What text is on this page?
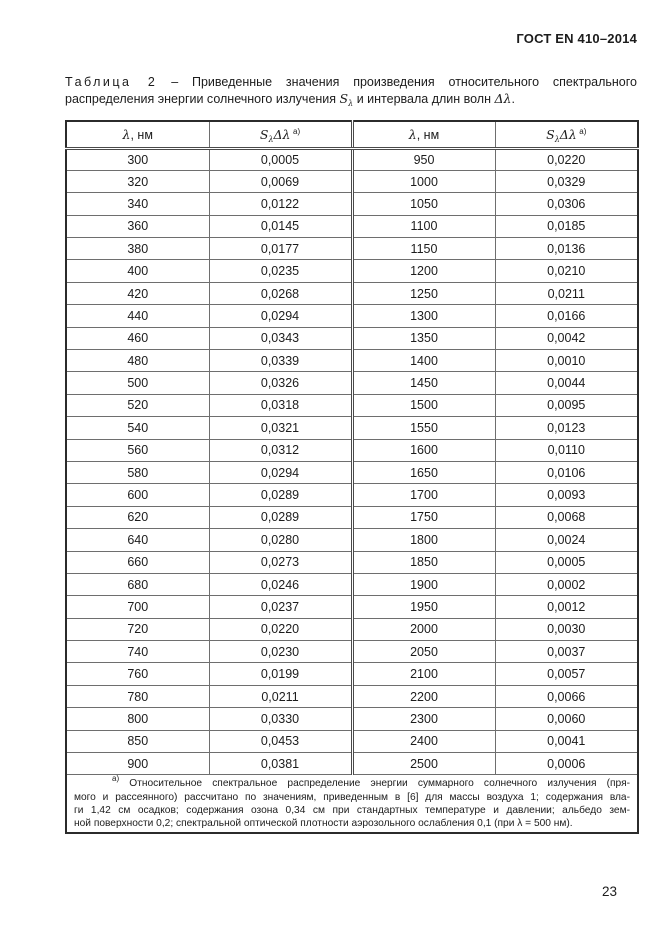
ГОСТ EN 410–2014
Таблица 2 – Приведенные значения произведения относительного спектрального
распределения энергии солнечного излучения $S_\lambda$ и интервала длин волн Δλ.
λ, нм	$S_\lambda\Delta\lambda$  $^{а)}$	λ, нм	$S_\lambda\Delta\lambda$  $^{а)}$
300	0,0005	950	0,0220
320	0,0069	1000	0,0329
340	0,0122	1050	0,0306
360	0,0145	1100	0,0185
380	0,0177	1150	0,0136
400	0,0235	1200	0,0210
420	0,0268	1250	0,0211
440	0,0294	1300	0,0166
460	0,0343	1350	0,0042
480	0,0339	1400	0,0010
500	0,0326	1450	0,0044
520	0,0318	1500	0,0095
540	0,0321	1550	0,0123
560	0,0312	1600	0,0110
580	0,0294	1650	0,0106
600	0,0289	1700	0,0093
620	0,0289	1750	0,0068
640	0,0280	1800	0,0024
660	0,0273	1850	0,0005
680	0,0246	1900	0,0002
700	0,0237	1950	0,0012
720	0,0220	2000	0,0030
740	0,0230	2050	0,0037
760	0,0199	2100	0,0057
780	0,0211	2200	0,0066
800	0,0330	2300	0,0060
850	0,0453	2400	0,0041
900	0,0381	2500	0,0006

$^{а)}$ Относительное спектральное распределение энергии суммарного солнечного излучения (пря-
мого и рассеянного) рассчитано по значениям, приведенным в [6] для массы воздуха 1; содержания вла-
ги 1,42 см осадков; содержания озона 0,34 см при стандартных температуре и давлении; альбедо зем-
ной поверхности 0,2; спектральной оптической плотности аэрозольного ослабления 0,1 (при λ = 500 нм).			
23
